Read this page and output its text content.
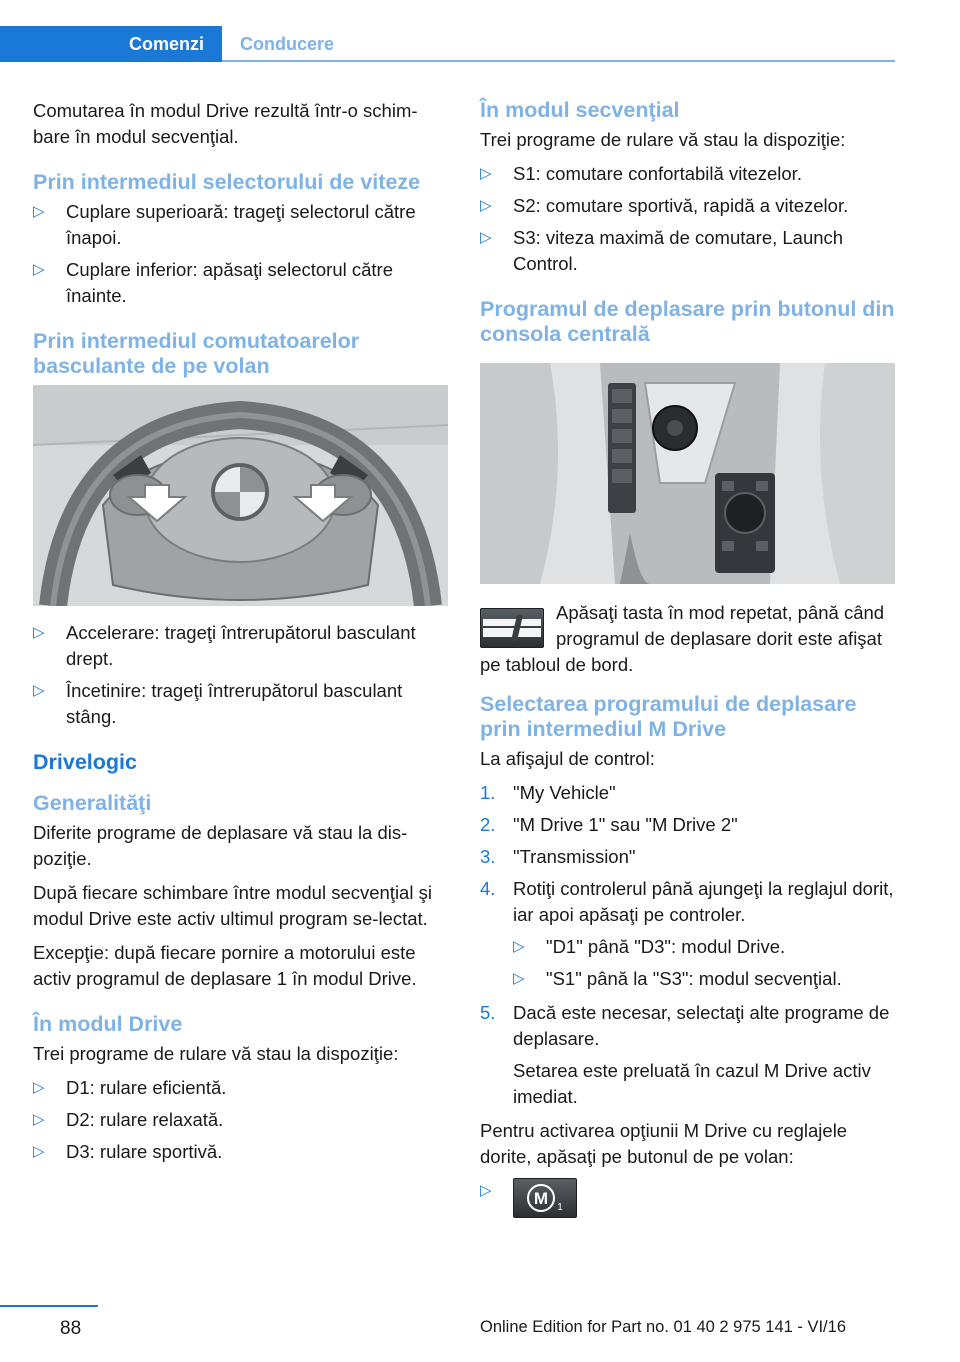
Comenzi Conducere

Comutarea în modul Drive rezultă într-o schim-bare în modul secvenţial.

Prin intermediul selectorului de viteze
▷ Cuplare superioară: trageţi selectorul către înapoi.
▷ Cuplare inferior: apăsaţi selectorul către înainte.
Prin intermediul comutatoarelor basculante de pe volan
▷ Accelerare: trageţi întrerupătorul basculant drept.
▷ Încetinire: trageţi întrerupătorul basculant stâng.
Drivelogic
Generalităţi

Diferite programe de deplasare vă stau la dis-poziţie.

După fiecare schimbare între modul secvenţial şi modul Drive este activ ultimul program se-lectat.

Excepţie: după fiecare pornire a motorului este activ programul de deplasare 1 în modul Drive.

În modul Drive

Trei programe de rulare vă stau la dispoziţie:

▷ D1: rulare eficientă.
▷ D2: rulare relaxată.
▷ D3: rulare sportivă.
În modul secvenţial

Trei programe de rulare vă stau la dispoziţie:

▷ S1: comutare confortabilă vitezelor.
▷ S2: comutare sportivă, rapidă a vitezelor.
▷ S3: viteza maximă de comutare, Launch Control.
Programul de deplasare prin butonul din consola centrală

Apăsaţi tasta în mod repetat, până când programul de deplasare dorit este afişat pe tabloul de bord.

Selectarea programului de deplasare prin intermediul M Drive

La afişajul de control:

1. "My Vehicle"
2. "M Drive 1" sau "M Drive 2"
3. "Transmission"
4. Rotiţi controlerul până ajungeţi la reglajul dorit, iar apoi apăsaţi pe controler.
▷ "D1" până "D3": modul Drive.
▷ "S1" până la "S3": modul secvenţial.
5. Dacă este necesar, selectaţi alte programe de deplasare.

Setarea este preluată în cazul M Drive activ imediat.

Pentru activarea opţiunii M Drive cu reglajele dorite, apăsaţi pe butonul de pe volan:

▷ M 1
88	Online Edition for Part no. 01 40 2 975 141 - VI/16
